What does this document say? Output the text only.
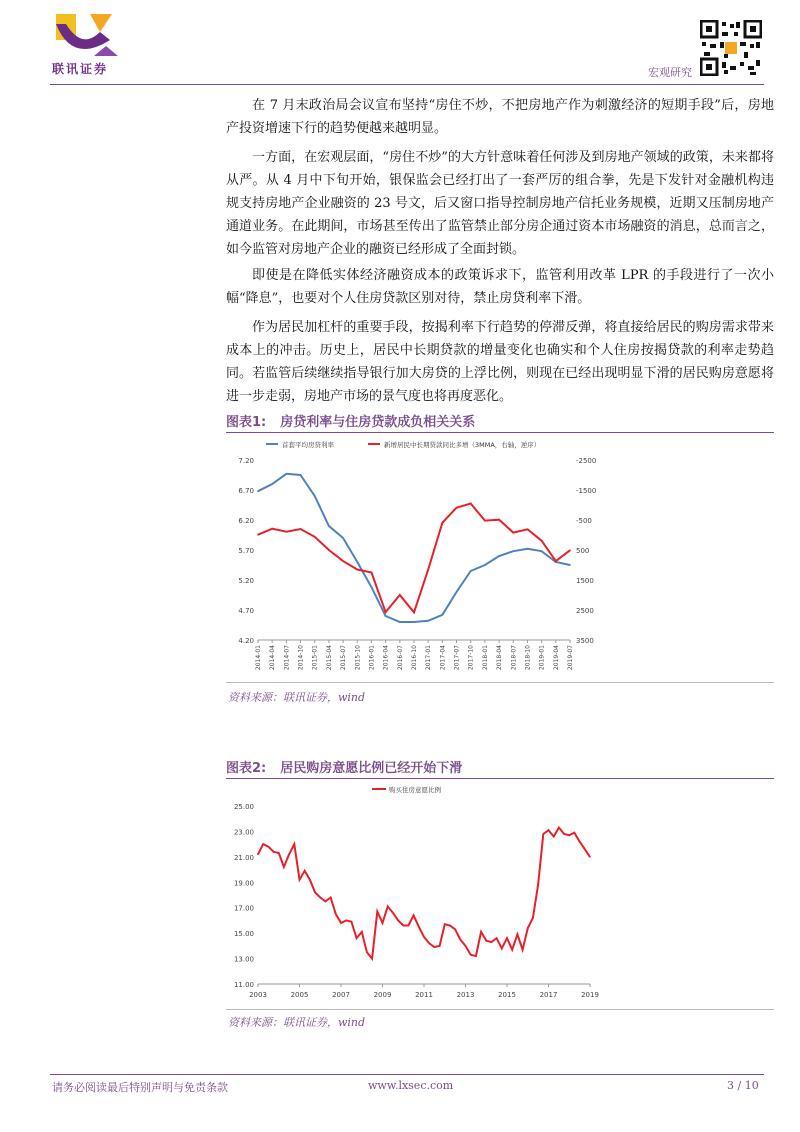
联讯证券	宏观研究

在 7 月末政治局会议宣布坚持“房住不炒，不把房地产作为刺激经济的短期手段”后，房地产投资增速下行的趋势便越来越明显。

一方面，在宏观层面，“房住不炒”的大方针意味着任何涉及到房地产领域的政策，未来都将从严。从 4 月中下旬开始，银保监会已经打出了一套严厉的组合拳，先是下发针对金融机构违规支持房地产企业融资的 23 号文，后又窗口指导控制房地产信托业务规模，近期又压制房地产通道业务。在此期间，市场甚至传出了监管禁止部分房企通过资本市场融资的消息，总而言之，如今监管对房地产企业的融资已经形成了全面封锁。

即使是在降低实体经济融资成本的政策诉求下，监管利用改革 LPR 的手段进行了一次小幅“降息”，也要对个人住房贷款区别对待，禁止房贷利率下滑。

作为居民加杠杆的重要手段，按揭利率下行趋势的停滞反弹，将直接给居民的购房需求带来成本上的冲击。历史上，居民中长期贷款的增量变化也确实和个人住房按揭贷款的利率走势趋同。若监管后续继续指导银行加大房贷的上浮比例，则现在已经出现明显下滑的居民购房意愿将进一步走弱，房地产市场的景气度也将再度恶化。

图表1: 房贷利率与住房贷款成负相关关系
7.20
6.70
6.20
5.70
5.20
4.70
4.20
-2500
-1500
-500
500
1500
2500
3500
2014-01 2014-04 2014-07 2014-10 2015-01 2015-04 2015-07 2015-10 2016-01 2016-04 2016-07 2016-10 2017-01 2017-04 2017-07 2017-10 2018-01 2018-04 2018-07 2018-10 2019-01 2019-04 2019-07
首套平均房贷利率	新增居民中长期贷款同比多增（3MMA，右轴，逆序）
资料来源：联讯证券，wind
图表2: 居民购房意愿比例已经开始下滑
25.00
23.00
21.00
19.00
17.00
15.00
13.00
11.00
2003	2005	2007	2009	2011	2013	2015	2017	2019
购买住房意愿比例
资料来源：联讯证券，wind
请务必阅读最后特别声明与免责条款	www.lxsec.com	3 / 10
